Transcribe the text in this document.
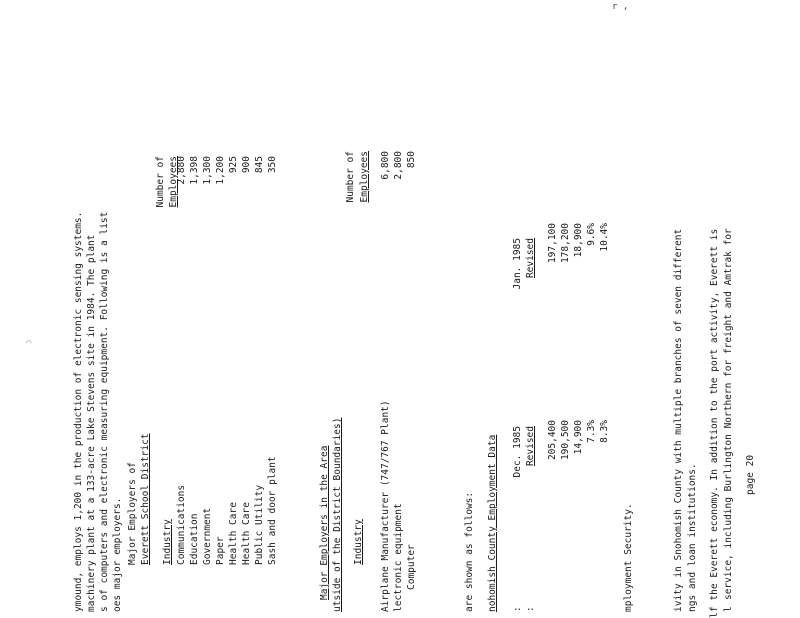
r ,
⌒	ymound, employs 1,200 in the production of electronic sensing systems. machinery plant at a 133-acre Lake Stevens site in 1984. The plant s of computers and electronic measuring equipment. Following is a list oes major employers. Major Employers of Everett School District Industry Communications Education Government Paper Health Care Health Care Public Utility Sash and door plant
Number of Employees
2,880 1,398 1,300 1,200 925 900 845 350
Major Employers in the Area utside of the District Boundaries) Industry Airplane Manufacturer (747/767 Plant) lectronic equipment Computer
Number of Employees 6,800 2,800 850
are shown as follows: nohomish County Employment Data : :
Dec. 1985 Revised 205,400 190,500 14,900 7.3% 8.3%
Jan. 1985 Revised 197,100 178,200 18,900 9.6% 10.4%
mployment Security.
page 20
ivity in Snohomish County with multiple branches of seven different ngs and loan institutions. f the Everett economy. In addition to the port activity, Everett is service, including Burlington Northern for freight and Amtrak for
l
l
